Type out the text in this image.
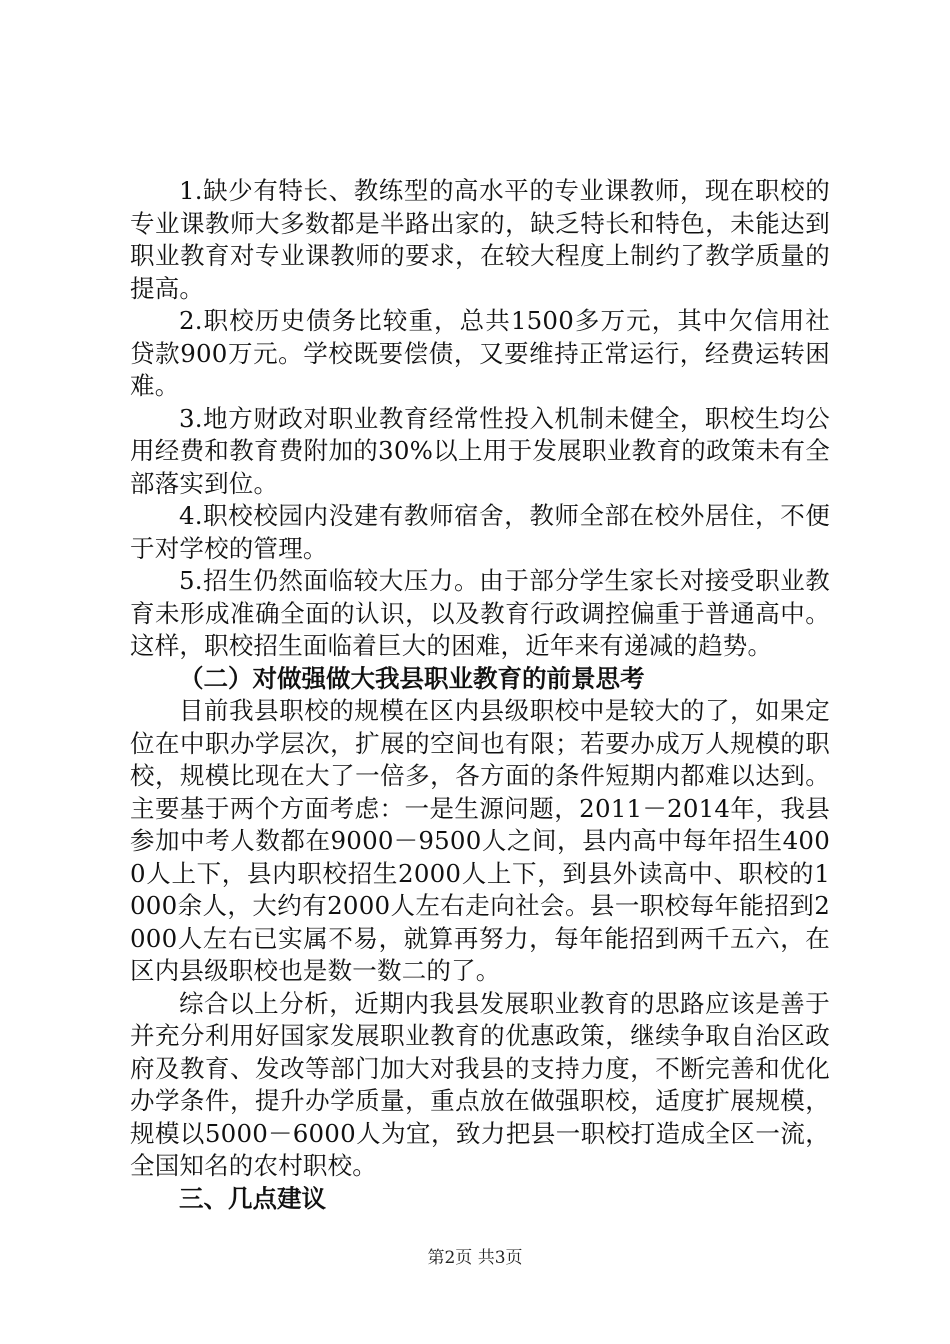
1.缺少有特长、教练型的高水平的专业课教师，现在职校的专业课教师大多数都是半路出家的，缺乏特长和特色，未能达到职业教育对专业课教师的要求，在较大程度上制约了教学质量的提高。

2.职校历史债务比较重，总共1500多万元，其中欠信用社贷款900万元。学校既要偿债，又要维持正常运行，经费运转困难。

3.地方财政对职业教育经常性投入机制未健全，职校生均公用经费和教育费附加的30%以上用于发展职业教育的政策未有全部落实到位。

4.职校校园内没建有教师宿舍，教师全部在校外居住，不便于对学校的管理。

5.招生仍然面临较大压力。由于部分学生家长对接受职业教育未形成准确全面的认识，以及教育行政调控偏重于普通高中。这样，职校招生面临着巨大的困难，近年来有递减的趋势。

（二）对做强做大我县职业教育的前景思考

目前我县职校的规模在区内县级职校中是较大的了，如果定位在中职办学层次，扩展的空间也有限；若要办成万人规模的职校，规模比现在大了一倍多，各方面的条件短期内都难以达到。主要基于两个方面考虑：一是生源问题，2011－2014年，我县参加中考人数都在9000－9500人之间，县内高中每年招生4000人上下，县内职校招生2000人上下，到县外读高中、职校的1000余人，大约有2000人左右走向社会。县一职校每年能招到2000人左右已实属不易，就算再努力，每年能招到两千五六，在区内县级职校也是数一数二的了。

综合以上分析，近期内我县发展职业教育的思路应该是善于并充分利用好国家发展职业教育的优惠政策，继续争取自治区政府及教育、发改等部门加大对我县的支持力度，不断完善和优化办学条件，提升办学质量，重点放在做强职校，适度扩展规模，规模以5000－6000人为宜，致力把县一职校打造成全区一流，全国知名的农村职校。

三、几点建议

第2页 共3页
